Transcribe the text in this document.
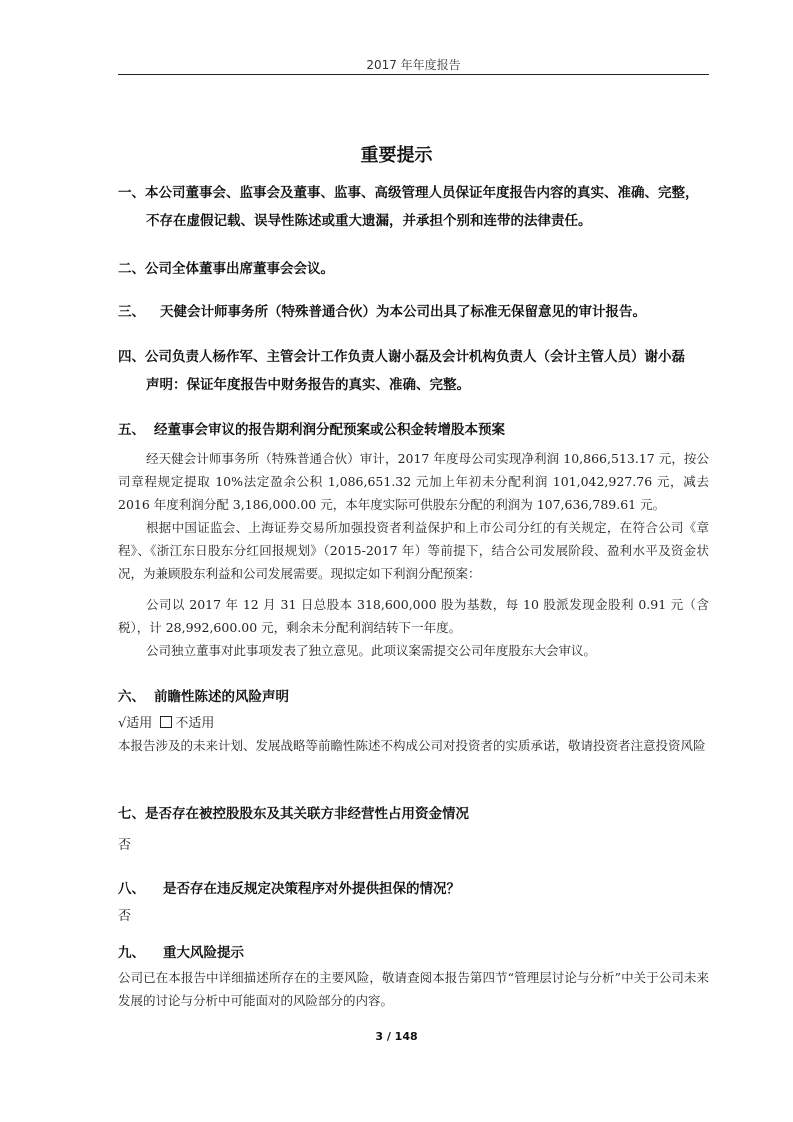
2017 年年度报告
重要提示
一、本公司董事会、监事会及董事、监事、高级管理人员保证年度报告内容的真实、准确、完整，
不存在虚假记载、误导性陈述或重大遗漏，并承担个别和连带的法律责任。
二、公司全体董事出席董事会会议。
三、 天健会计师事务所（特殊普通合伙）为本公司出具了标准无保留意见的审计报告。
四、公司负责人杨作军、主管会计工作负责人谢小磊及会计机构负责人（会计主管人员）谢小磊
声明：保证年度报告中财务报告的真实、准确、完整。
五、 经董事会审议的报告期利润分配预案或公积金转增股本预案
经天健会计师事务所（特殊普通合伙）审计，2017 年度母公司实现净利润 10,866,513.17 元，按公司章程规定提取 10%法定盈余公积 1,086,651.32 元加上年初未分配利润 101,042,927.76 元，减去 2016 年度利润分配 3,186,000.00 元，本年度实际可供股东分配的利润为 107,636,789.61 元。
根据中国证监会、上海证券交易所加强投资者利益保护和上市公司分红的有关规定，在符合公司《章程》、《浙江东日股东分红回报规划》（2015-2017 年）等前提下，结合公司发展阶段、盈利水平及资金状况，为兼顾股东利益和公司发展需要。现拟定如下利润分配预案：
公司以 2017 年 12 月 31 日总股本 318,600,000 股为基数，每 10 股派发现金股利 0.91 元（含税），计 28,992,600.00 元，剩余未分配利润结转下一年度。
公司独立董事对此事项发表了独立意见。此项议案需提交公司年度股东大会审议。
六、 前瞻性陈述的风险声明
√适用 不适用
本报告涉及的未来计划、发展战略等前瞻性陈述不构成公司对投资者的实质承诺，敬请投资者注意投资风险
七、是否存在被控股股东及其关联方非经营性占用资金情况
否
八、 是否存在违反规定决策程序对外提供担保的情况？
否
九、 重大风险提示
公司已在本报告中详细描述所存在的主要风险，敬请查阅本报告第四节“管理层讨论与分析”中关于公司未来发展的讨论与分析中可能面对的风险部分的内容。
3 / 148
